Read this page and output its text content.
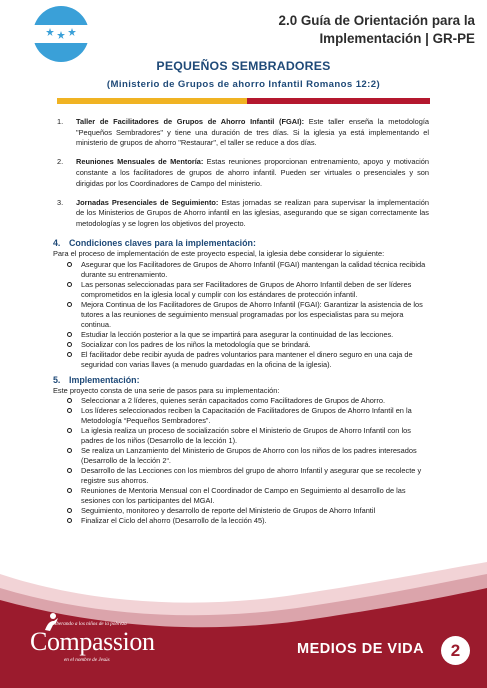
2.0 Guía de Orientación para la
Implementación | GR-PE
PEQUEÑOS SEMBRADORES
(Ministerio de Grupos de ahorro Infantil Romanos 12:2)
1. Taller de Facilitadores de Grupos de Ahorro Infantil (FGAI): Este taller enseña la metodología "Pequeños Sembradores" y tiene una duración de tres días. Si la iglesia ya está implementando el ministerio de grupos de ahorro "Restaurar", el taller se reduce a dos días.
2. Reuniones Mensuales de Mentoría: Estas reuniones proporcionan entrenamiento, apoyo y motivación constante a los facilitadores de grupos de ahorro infantil. Pueden ser virtuales o presenciales y son dirigidas por los Coordinadores de Campo del ministerio.
3. Jornadas Presenciales de Seguimiento: Estas jornadas se realizan para supervisar la implementación de los Ministerios de Grupos de Ahorro infantil en las iglesias, asegurando que se sigan correctamente las metodologías y se logren los objetivos del proyecto.
4. Condiciones claves para la implementación:
Para el proceso de implementación de este proyecto especial, la iglesia debe considerar lo siguiente:
Asegurar que los Facilitadores de Grupos de Ahorro Infantil (FGAI) mantengan la calidad técnica recibida durante su entrenamiento.
Las personas seleccionadas para ser Facilitadores de Grupos de Ahorro Infantil deben de ser líderes comprometidos en la iglesia local y cumplir con los estándares de protección infantil.
Mejora Continua de los Facilitadores de Grupos de Ahorro Infantil (FGAI): Garantizar la asistencia de los tutores a las reuniones de seguimiento mensual programadas por los especialistas para su mejora continua.
Estudiar la lección posterior a la que se impartirá para asegurar la continuidad de las lecciones.
Socializar con los padres de los niños la metodología que se brindará.
El facilitador debe recibir ayuda de padres voluntarios para mantener el dinero seguro en una caja de seguridad con varias llaves (a menudo guardadas en la oficina de la iglesia).
5. Implementación:
Este proyecto consta de una serie de pasos para su implementación:
Seleccionar a 2 líderes, quienes serán capacitados como Facilitadores de Grupos de Ahorro.
Los líderes seleccionados reciben la Capacitación de Facilitadores de Grupos de Ahorro Infantil en la Metodología “Pequeños Sembradores”.
La iglesia realiza un proceso de socialización sobre el Ministerio de Grupos de Ahorro Infantil con los padres de los niños (Desarrollo de la lección 1).
Se realiza un Lanzamiento del Ministerio de Grupos de Ahorro con los niños de los padres interesados (Desarrollo de la lección 2“.
Desarrollo de las Lecciones con los miembros del grupo de ahorro Infantil y asegurar que se recolecte y registre sus ahorros.
Reuniones de Mentoria Mensual con el Coordinador de Campo en Seguimiento al desarrollo de las sesiones con los participantes del MGAI.
Seguimiento, monitoreo y desarrollo de reporte del Ministerio de Grupos de Ahorro Infantil
Finalizar el Ciclo del ahorro (Desarrollo de la lección 45).
Liberando a los niños de la pobreza
Compassion
en el nombre de Jesús
MEDIOS DE VIDA	2
